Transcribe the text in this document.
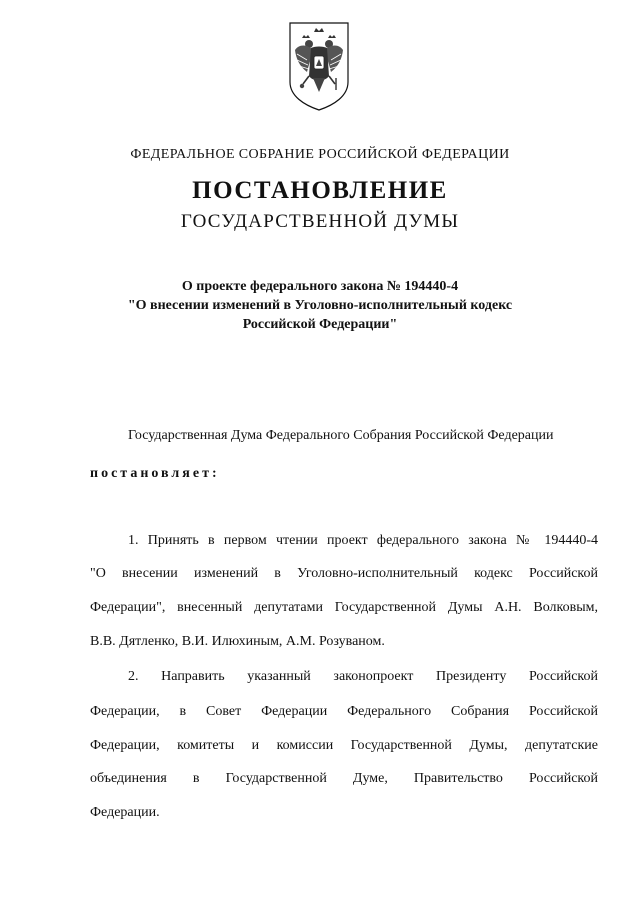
ФЕДЕРАЛЬНОЕ СОБРАНИЕ РОССИЙСКОЙ ФЕДЕРАЦИИ
ПОСТАНОВЛЕНИЕ
ГОСУДАРСТВЕННОЙ ДУМЫ
О проекте федерального закона № 194440-4
"О внесении изменений в Уголовно-исполнительный кодекс
Российской Федерации"
Государственная Дума Федерального Собрания Российской Федерации
постановляет:
1. Принять в первом чтении проект федерального закона № 194440-4
"О внесении изменений в Уголовно-исполнительный кодекс Российской
Федерации", внесенный депутатами Государственной Думы А.Н. Волковым,
В.В. Дятленко, В.И. Илюхиным, А.М. Розуваном.
2. Направить указанный законопроект Президенту Российской
Федерации, в Совет Федерации Федерального Собрания Российской
Федерации, комитеты и комиссии Государственной Думы, депутатские
объединения в Государственной Думе, Правительство Российской
Федерации.
